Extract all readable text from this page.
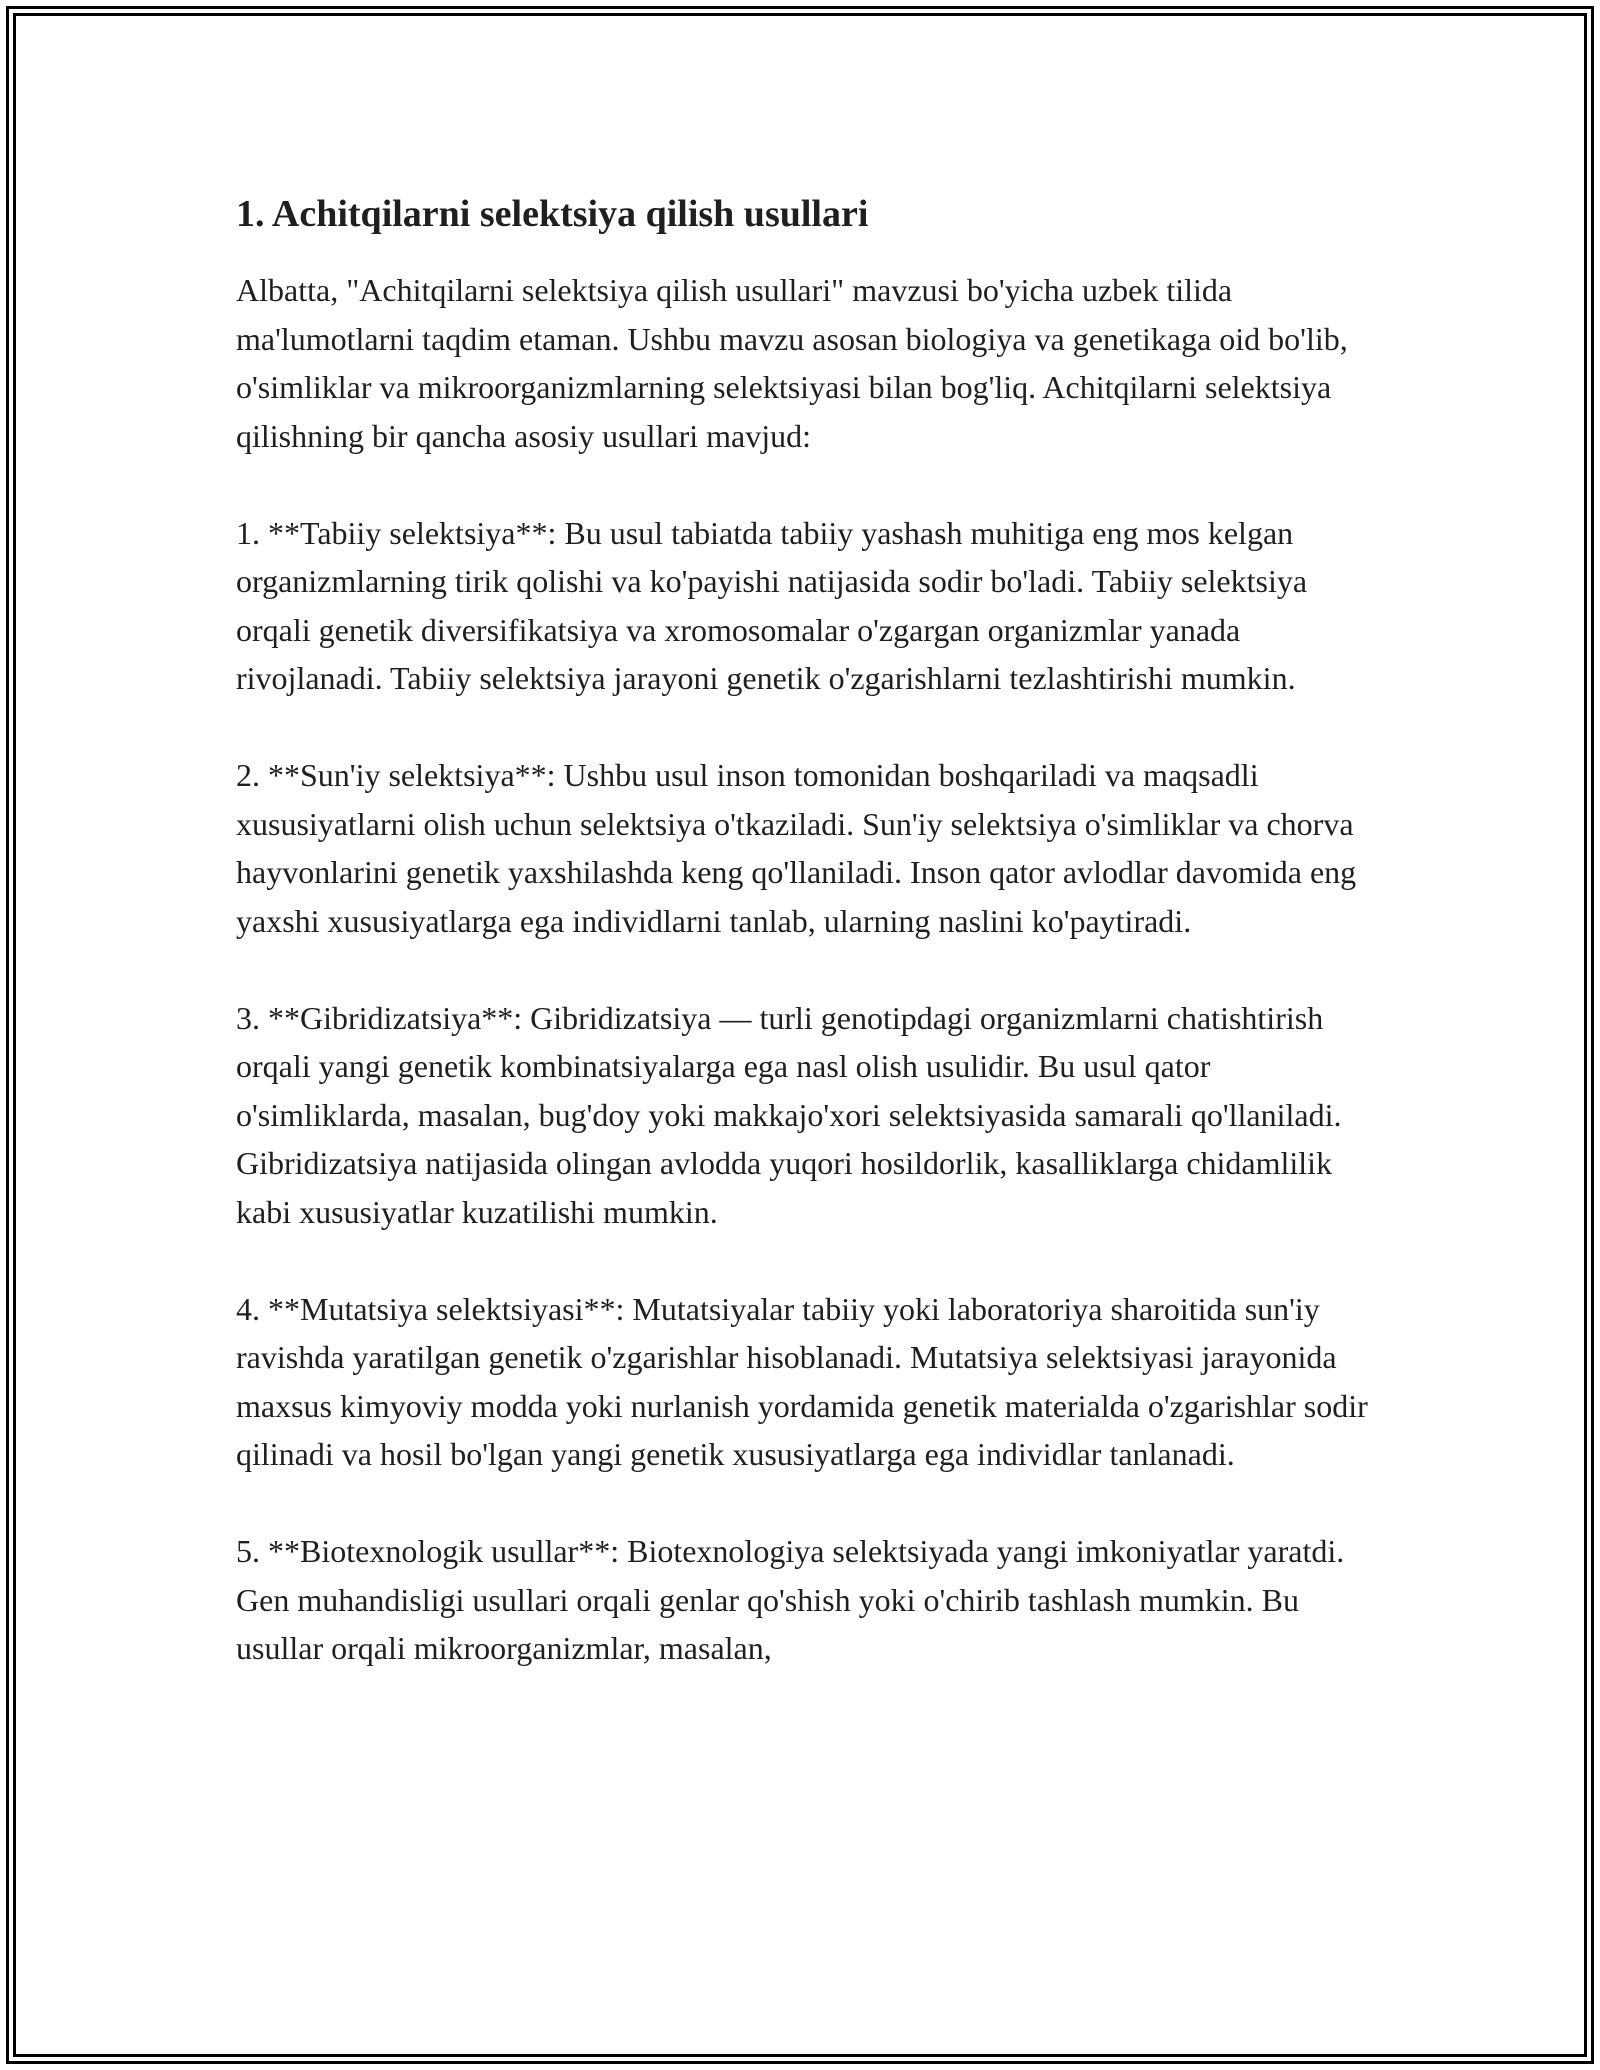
1. Achitqilarni selektsiya qilish usullari

Albatta, "Achitqilarni selektsiya qilish usullari" mavzusi bo'yicha uzbek tilida ma'lumotlarni taqdim etaman. Ushbu mavzu asosan biologiya va genetikaga oid bo'lib, o'simliklar va mikroorganizmlarning selektsiyasi bilan bog'liq. Achitqilarni selektsiya qilishning bir qancha asosiy usullari mavjud:

1. **Tabiiy selektsiya**: Bu usul tabiatda tabiiy yashash muhitiga eng mos kelgan organizmlarning tirik qolishi va ko'payishi natijasida sodir bo'ladi. Tabiiy selektsiya orqali genetik diversifikatsiya va xromosomalar o'zgargan organizmlar yanada rivojlanadi. Tabiiy selektsiya jarayoni genetik o'zgarishlarni tezlashtirishi mumkin.

2. **Sun'iy selektsiya**: Ushbu usul inson tomonidan boshqariladi va maqsadli xususiyatlarni olish uchun selektsiya o'tkaziladi. Sun'iy selektsiya o'simliklar va chorva hayvonlarini genetik yaxshilashda keng qo'llaniladi. Inson qator avlodlar davomida eng yaxshi xususiyatlarga ega individlarni tanlab, ularning naslini ko'paytiradi.

3. **Gibridizatsiya**: Gibridizatsiya — turli genotipdagi organizmlarni chatishtirish orqali yangi genetik kombinatsiyalarga ega nasl olish usulidir. Bu usul qator o'simliklarda, masalan, bug'doy yoki makkajo'xori selektsiyasida samarali qo'llaniladi. Gibridizatsiya natijasida olingan avlodda yuqori hosildorlik, kasalliklarga chidamlilik kabi xususiyatlar kuzatilishi mumkin.

4. **Mutatsiya selektsiyasi**: Mutatsiyalar tabiiy yoki laboratoriya sharoitida sun'iy ravishda yaratilgan genetik o'zgarishlar hisoblanadi. Mutatsiya selektsiyasi jarayonida maxsus kimyoviy modda yoki nurlanish yordamida genetik materialda o'zgarishlar sodir qilinadi va hosil bo'lgan yangi genetik xususiyatlarga ega individlar tanlanadi.

5. **Biotexnologik usullar**: Biotexnologiya selektsiyada yangi imkoniyatlar yaratdi. Gen muhandisligi usullari orqali genlar qo'shish yoki o'chirib tashlash mumkin. Bu usullar orqali mikroorganizmlar, masalan,
